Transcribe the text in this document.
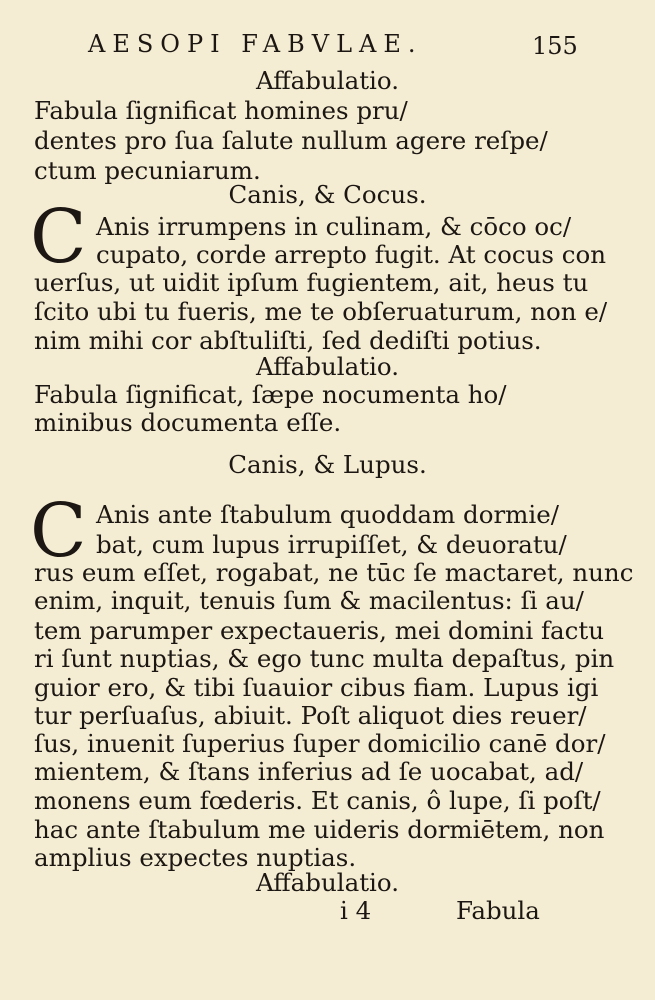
AESOPI FABVLAE.	155
Affabulatio.
Fabula ſignificat homines pru/
dentes pro ſua ſalute nullum agere reſpe/
ctum pecuniarum.
Canis, & Cocus.
C Anis irrumpens in culinam, & cōco oc/
cupato, corde arrepto fugit. At cocus con
uerſus, ut uidit ipſum fugientem, ait, heus tu
ſcito ubi tu fueris, me te obſeruaturum, non e/
nim mihi cor abſtuliſti, ſed dediſti potius.
Affabulatio.
Fabula ſignificat, ſæpe nocumenta ho/
minibus documenta eſſe.
Canis, & Lupus.
C Anis ante ſtabulum quoddam dormie/
bat, cum lupus irrupiſſet, & deuoratu/
rus eum eſſet, rogabat, ne tūc ſe mactaret, nunc
enim, inquit, tenuis ſum & macilentus: ſi au/
tem parumper expectaueris, mei domini factu
ri ſunt nuptias, & ego tunc multa depaſtus, pin
guior ero, & tibi ſuauior cibus fiam. Lupus igi
tur perſuaſus, abiuit. Poſt aliquot dies reuer/
ſus, inuenit ſuperius ſuper domicilio canē dor/
mientem, & ſtans inferius ad ſe uocabat, ad/
monens eum fœderis. Et canis, ô lupe, ſi poſt/
hac ante ſtabulum me uideris dormiētem, non
amplius expectes nuptias.
Affabulatio.
i 4	Fabula
